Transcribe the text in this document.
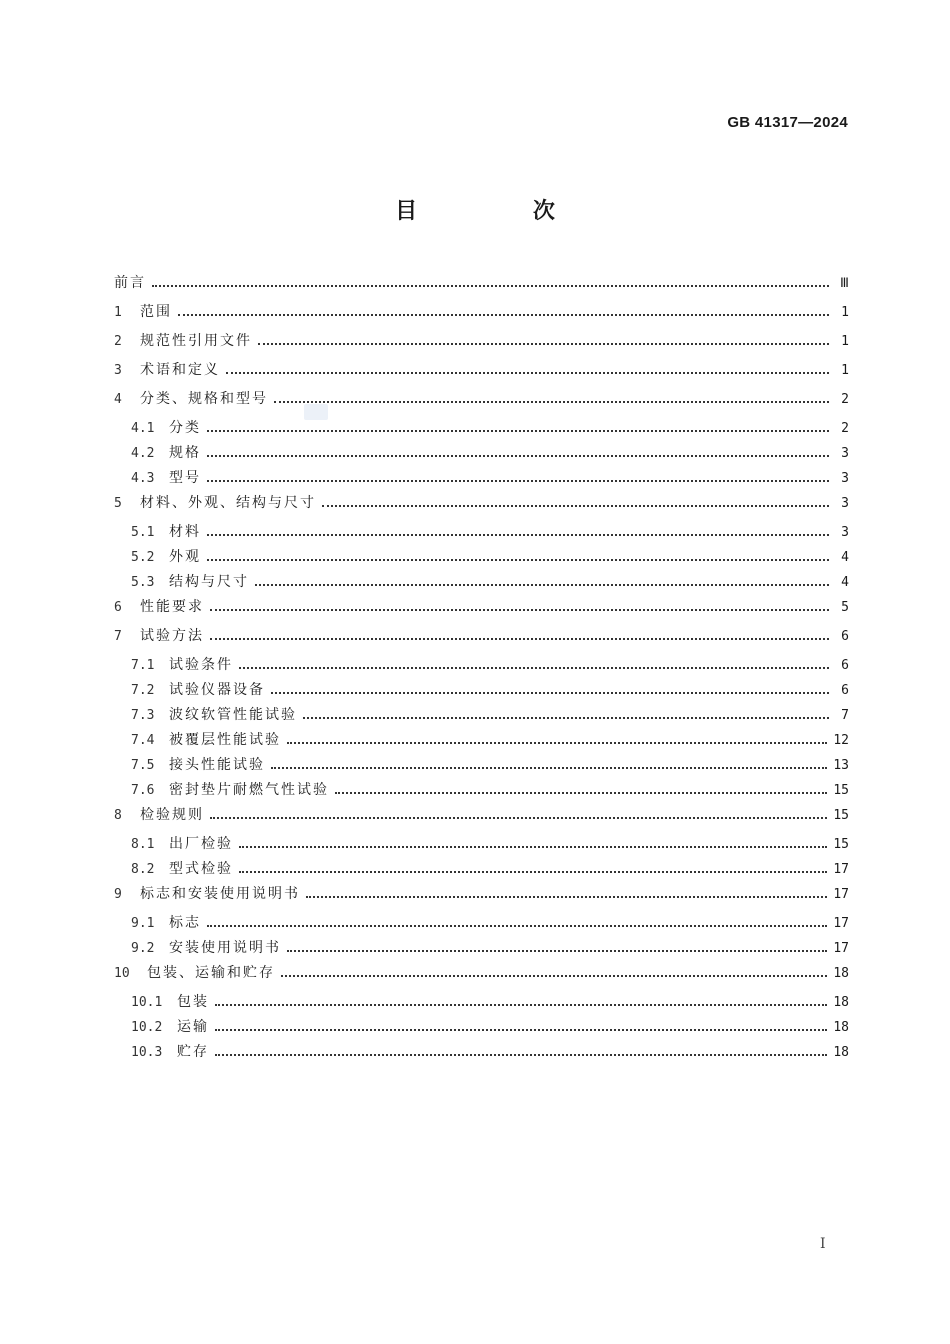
GB 41317—2024
目 次
前言	Ⅲ
1	范围	1
2	规范性引用文件	1
3	术语和定义	1
4	分类、规格和型号	2
4.1	分类	2
4.2	规格	3
4.3	型号	3
5	材料、外观、结构与尺寸	3
5.1	材料	3
5.2	外观	4
5.3	结构与尺寸	4
6	性能要求	5
7	试验方法	6
7.1	试验条件	6
7.2	试验仪器设备	6
7.3	波纹软管性能试验	7
7.4	被覆层性能试验	12
7.5	接头性能试验	13
7.6	密封垫片耐燃气性试验	15
8	检验规则	15
8.1	出厂检验	15
8.2	型式检验	17
9	标志和安装使用说明书	17
9.1	标志	17
9.2	安装使用说明书	17
10	包装、运输和贮存	18
10.1	包装	18
10.2	运输	18
10.3	贮存	18
I
